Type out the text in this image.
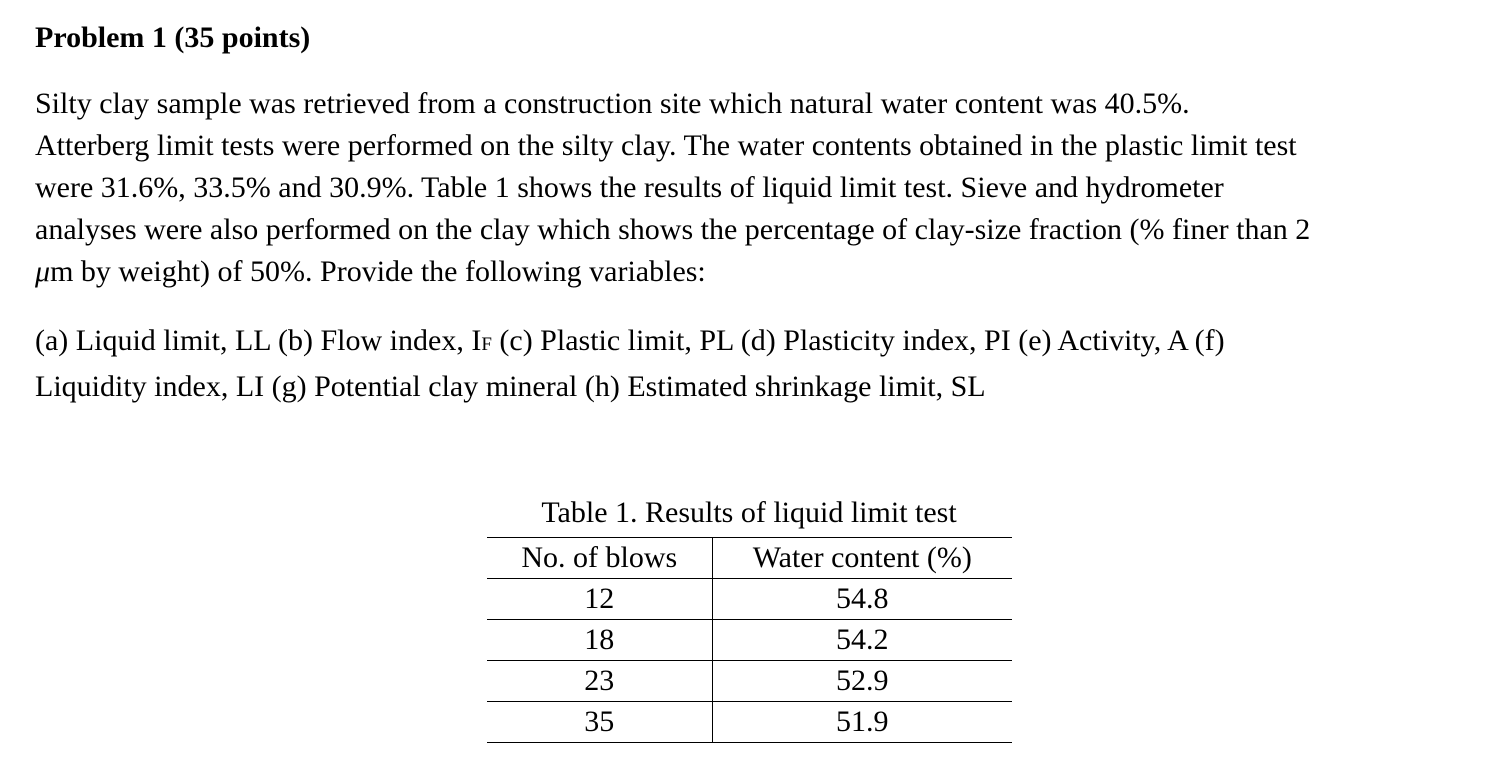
Problem 1 (35 points)
Silty clay sample was retrieved from a construction site which natural water content was 40.5%.
Atterberg limit tests were performed on the silty clay. The water contents obtained in the plastic limit test
were 31.6%, 33.5% and 30.9%. Table 1 shows the results of liquid limit test. Sieve and hydrometer
analyses were also performed on the clay which shows the percentage of clay-size fraction (% finer than 2
μm by weight) of 50%. Provide the following variables:
(a) Liquid limit, LL (b) Flow index, IF (c) Plastic limit, PL (d) Plasticity index, PI (e) Activity, A (f)
Liquidity index, LI (g) Potential clay mineral (h) Estimated shrinkage limit, SL
Table 1. Results of liquid limit test
No. of blows	Water content (%)
12	54.8
18	54.2
23	52.9
35	51.9
